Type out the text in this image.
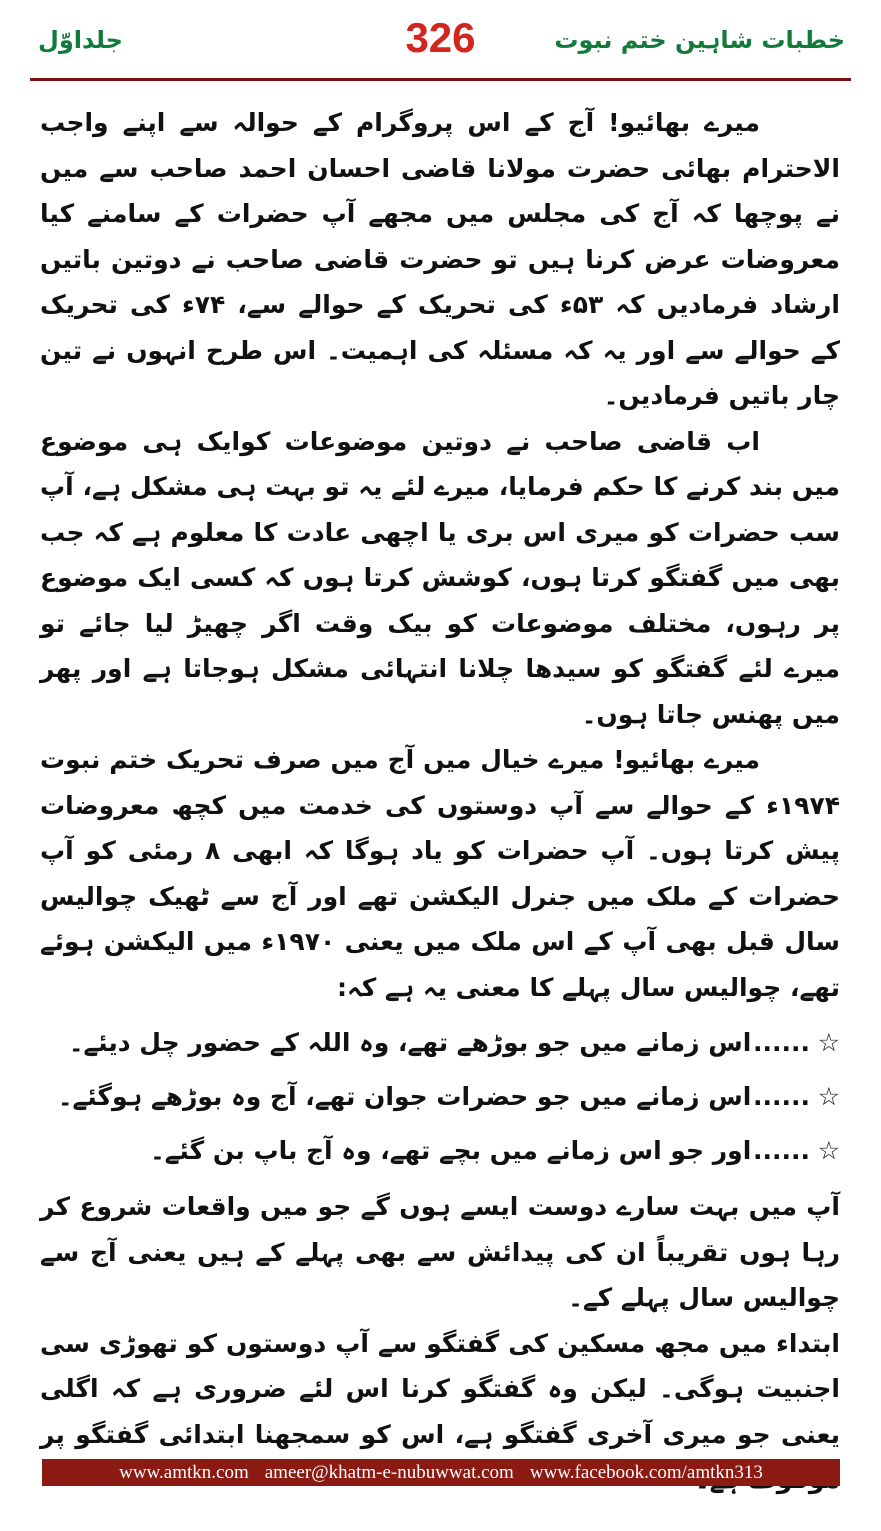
جلداوّل	326	خطبات شاہین ختم نبوت

میرے بھائیو! آج کے اس پروگرام کے حوالہ سے اپنے واجب الاحترام بھائی حضرت مولانا قاضی احسان احمد صاحب سے میں نے پوچھا کہ آج کی مجلس میں مجھے آپ حضرات کے سامنے کیا معروضات عرض کرنا ہیں تو حضرت قاضی صاحب نے دوتین باتیں ارشاد فرمادیں کہ ۵۳ء کی تحریک کے حوالے سے، ۷۴ء کی تحریک کے حوالے سے اور یہ کہ مسئلہ کی اہمیت۔ اس طرح انہوں نے تین چار باتیں فرمادیں۔

اب قاضی صاحب نے دوتین موضوعات کوایک ہی موضوع میں بند کرنے کا حکم فرمایا، میرے لئے یہ تو بہت ہی مشکل ہے، آپ سب حضرات کو میری اس بری یا اچھی عادت کا معلوم ہے کہ جب بھی میں گفتگو کرتا ہوں، کوشش کرتا ہوں کہ کسی ایک موضوع پر رہوں، مختلف موضوعات کو بیک وقت اگر چھیڑ لیا جائے تو میرے لئے گفتگو کو سیدھا چلانا انتہائی مشکل ہوجاتا ہے اور پھر میں پھنس جاتا ہوں۔

میرے بھائیو! میرے خیال میں آج میں صرف تحریک ختم نبوت ۱۹۷۴ء کے حوالے سے آپ دوستوں کی خدمت میں کچھ معروضات پیش کرتا ہوں۔ آپ حضرات کو یاد ہوگا کہ ابھی ۸ رمئی کو آپ حضرات کے ملک میں جنرل الیکشن تھے اور آج سے ٹھیک چوالیس سال قبل بھی آپ کے اس ملک میں یعنی ۱۹۷۰ء میں الیکشن ہوئے تھے، چوالیس سال پہلے کا معنی یہ ہے کہ:

☆...... اس زمانے میں جو بوڑھے تھے، وہ اللہ کے حضور چل دیئے۔
☆...... اس زمانے میں جو حضرات جوان تھے، آج وہ بوڑھے ہوگئے۔
☆...... اور جو اس زمانے میں بچے تھے، وہ آج باپ بن گئے۔

آپ میں بہت سارے دوست ایسے ہوں گے جو میں واقعات شروع کر رہا ہوں تقریباً ان کی پیدائش سے بھی پہلے کے ہیں یعنی آج سے چوالیس سال پہلے کے۔

ابتداء میں مجھ مسکین کی گفتگو سے آپ دوستوں کو تھوڑی سی اجنبیت ہوگی۔ لیکن وہ گفتگو کرنا اس لئے ضروری ہے کہ اگلی یعنی جو میری آخری گفتگو ہے، اس کو سمجھنا ابتدائی گفتگو پر

www.amtkn.com ameer@khatm-e-nubuwwat.com www.facebook.com/amtkn313
